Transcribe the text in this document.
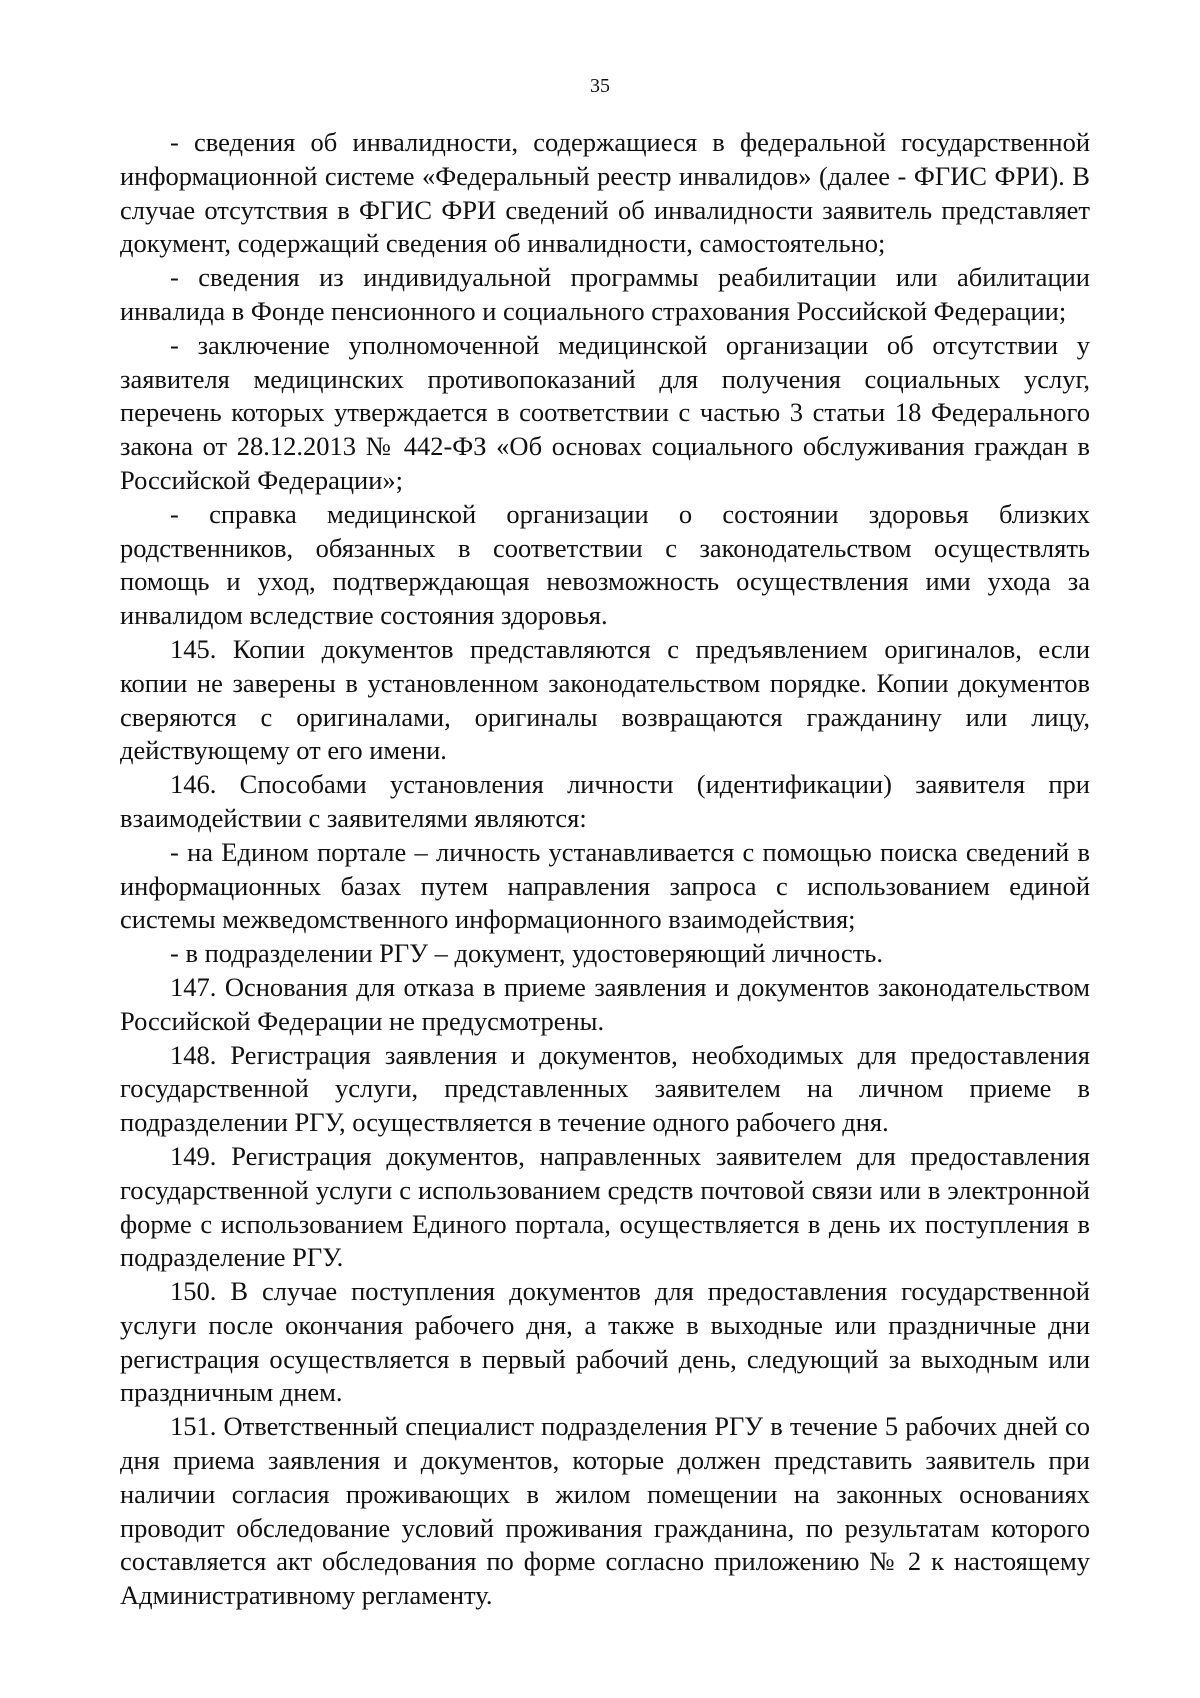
35

- сведения об инвалидности, содержащиеся в федеральной государственной информационной системе «Федеральный реестр инвалидов» (далее - ФГИС ФРИ). В случае отсутствия в ФГИС ФРИ сведений об инвалидности заявитель представляет документ, содержащий сведения об инвалидности, самостоятельно;

- сведения из индивидуальной программы реабилитации или абилитации инвалида в Фонде пенсионного и социального страхования Российской Федерации;

- заключение уполномоченной медицинской организации об отсутствии у заявителя медицинских противопоказаний для получения социальных услуг, перечень которых утверждается в соответствии с частью 3 статьи 18 Федерального закона от 28.12.2013 № 442-ФЗ «Об основах социального обслуживания граждан в Российской Федерации»;

- справка медицинской организации о состоянии здоровья близких родственников, обязанных в соответствии с законодательством осуществлять помощь и уход, подтверждающая невозможность осуществления ими ухода за инвалидом вследствие состояния здоровья.

145. Копии документов представляются с предъявлением оригиналов, если копии не заверены в установленном законодательством порядке. Копии документов сверяются с оригиналами, оригиналы возвращаются гражданину или лицу, действующему от его имени.

146. Способами установления личности (идентификации) заявителя при взаимодействии с заявителями являются:

- на Едином портале – личность устанавливается с помощью поиска сведений в информационных базах путем направления запроса с использованием единой системы межведомственного информационного взаимодействия;

- в подразделении РГУ – документ, удостоверяющий личность.

147. Основания для отказа в приеме заявления и документов законодательством Российской Федерации не предусмотрены.

148. Регистрация заявления и документов, необходимых для предоставления государственной услуги, представленных заявителем на личном приеме в подразделении РГУ, осуществляется в течение одного рабочего дня.

149. Регистрация документов, направленных заявителем для предоставления государственной услуги с использованием средств почтовой связи или в электронной форме с использованием Единого портала, осуществляется в день их поступления в подразделение РГУ.

150. В случае поступления документов для предоставления государственной услуги после окончания рабочего дня, а также в выходные или праздничные дни регистрация осуществляется в первый рабочий день, следующий за выходным или праздничным днем.

151. Ответственный специалист подразделения РГУ в течение 5 рабочих дней со дня приема заявления и документов, которые должен представить заявитель при наличии согласия проживающих в жилом помещении на законных основаниях проводит обследование условий проживания гражданина, по результатам которого составляется акт обследования по форме согласно приложению № 2 к настоящему Административному регламенту.
